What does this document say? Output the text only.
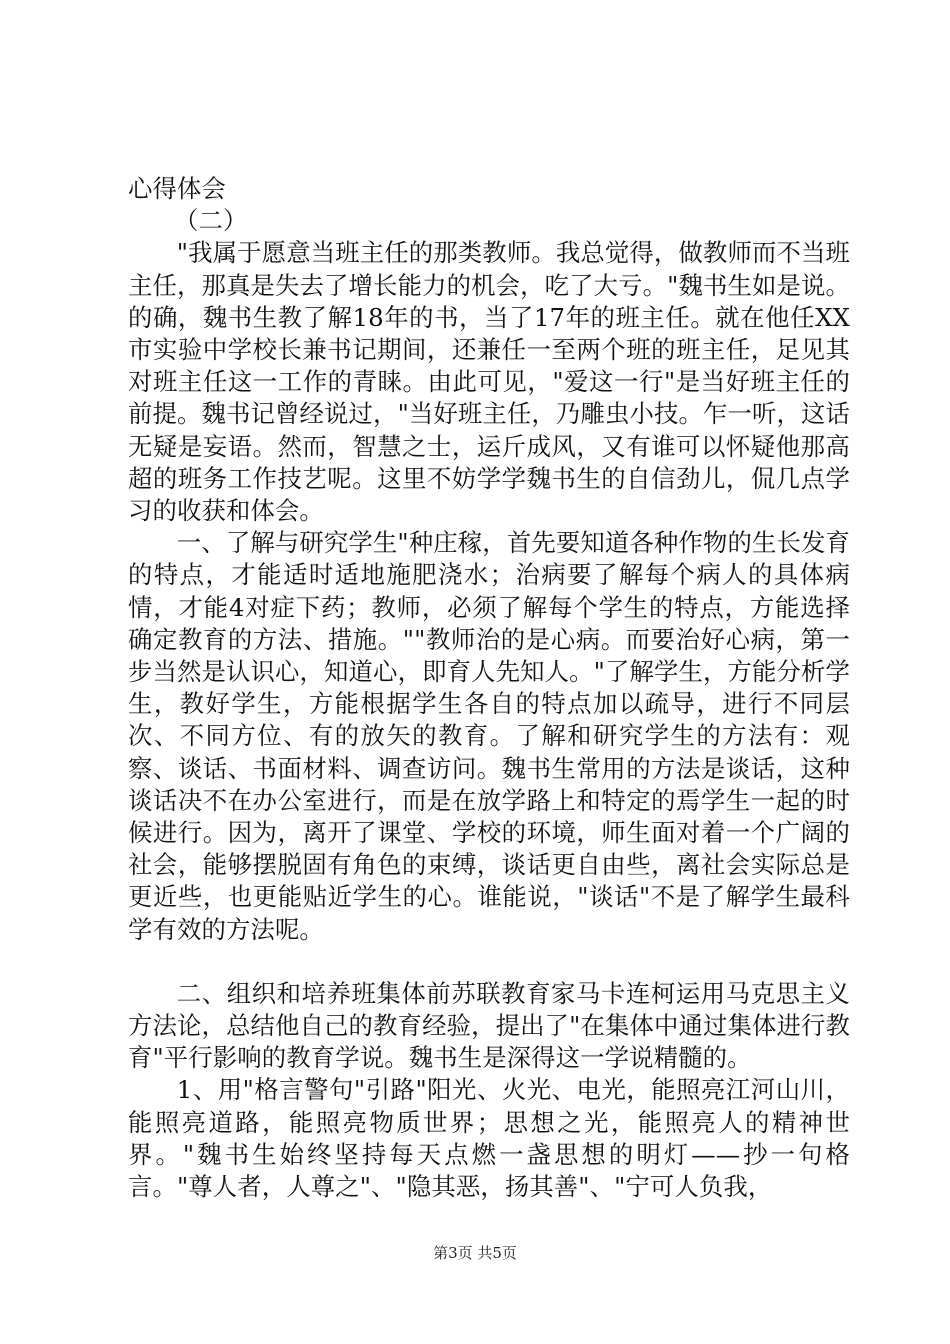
心得体会

（二）

"我属于愿意当班主任的那类教师。我总觉得，做教师而不当班主任，那真是失去了增长能力的机会，吃了大亏。"魏书生如是说。的确，魏书生教了解18年的书，当了17年的班主任。就在他任XX市实验中学校长兼书记期间，还兼任一至两个班的班主任，足见其对班主任这一工作的青睐。由此可见，"爱这一行"是当好班主任的前提。魏书记曾经说过，"当好班主任，乃雕虫小技。乍一听，这话无疑是妄语。然而，智慧之士，运斤成风，又有谁可以怀疑他那高超的班务工作技艺呢。这里不妨学学魏书生的自信劲儿，侃几点学习的收获和体会。

一、了解与研究学生"种庄稼，首先要知道各种作物的生长发育的特点，才能适时适地施肥浇水；治病要了解每个病人的具体病情，才能4对症下药；教师，必须了解每个学生的特点，方能选择确定教育的方法、措施。""教师治的是心病。而要治好心病，第一步当然是认识心，知道心，即育人先知人。"了解学生，方能分析学生，教好学生，方能根据学生各自的特点加以疏导，进行不同层次、不同方位、有的放矢的教育。了解和研究学生的方法有：观察、谈话、书面材料、调查访问。魏书生常用的方法是谈话，这种谈话决不在办公室进行，而是在放学路上和特定的焉学生一起的时候进行。因为，离开了课堂、学校的环境，师生面对着一个广阔的社会，能够摆脱固有角色的束缚，谈话更自由些，离社会实际总是更近些，也更能贴近学生的心。谁能说，"谈话"不是了解学生最科学有效的方法呢。

二、组织和培养班集体前苏联教育家马卡连柯运用马克思主义方法论，总结他自己的教育经验，提出了"在集体中通过集体进行教育"平行影响的教育学说。魏书生是深得这一学说精髓的。

1、用"格言警句"引路"阳光、火光、电光，能照亮江河山川，能照亮道路，能照亮物质世界；思想之光，能照亮人的精神世界。"魏书生始终坚持每天点燃一盏思想的明灯——抄一句格言。"尊人者，人尊之"、"隐其恶，扬其善"、"宁可人负我，

第3页 共5页
